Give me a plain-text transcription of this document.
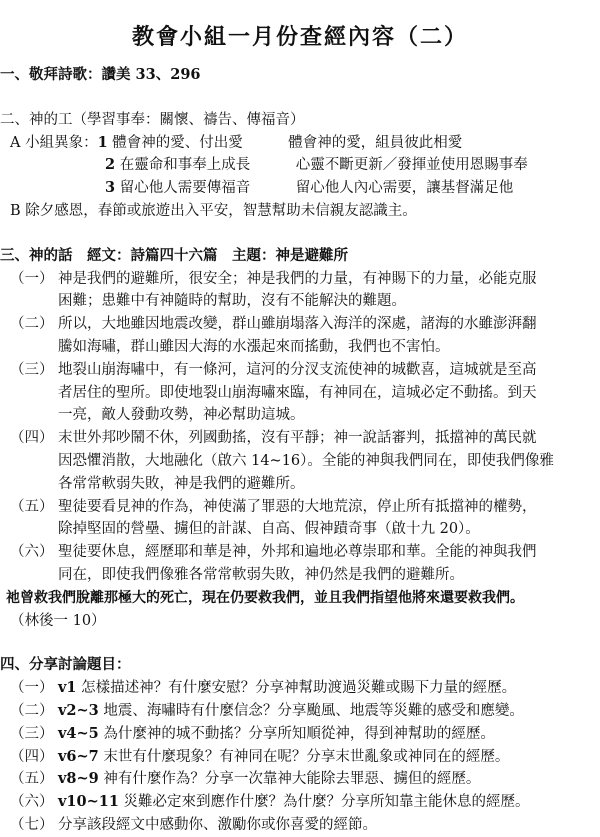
教會小組一月份查經內容（二）
一、敬拜詩歌：讚美 33、296
二、神的工（學習事奉：關懷、禱告、傳福音）
A 小組異象：1 體會神的愛、付出愛	體會神的愛，組員彼此相愛
2 在靈命和事奉上成長	心靈不斷更新／發揮並使用恩賜事奉
3 留心他人需要傳福音	留心他人內心需要，讓基督滿足他
B 除夕感恩，春節或旅遊出入平安，智慧幫助未信親友認識主。
三、神的話　經文：詩篇四十六篇　主題：神是避難所
（一） 神是我們的避難所，很安全；神是我們的力量，有神賜下的力量，必能克服
困難；患難中有神隨時的幫助，沒有不能解決的難題。
（二） 所以，大地雖因地震改變，群山雖崩塌落入海洋的深處，諸海的水雖澎湃翻
騰如海嘯，群山雖因大海的水漲起來而搖動，我們也不害怕。
（三） 地裂山崩海嘯中，有一條河，這河的分汊支流使神的城歡喜，這城就是至高
者居住的聖所。即使地裂山崩海嘯來臨，有神同在，這城必定不動搖。到天
一亮，敵人發動攻勢，神必幫助這城。
（四） 末世外邦吵鬧不休，列國動搖，沒有平靜；神一說話審判，抵擋神的萬民就
因恐懼消散，大地融化（啟六 14~16）。全能的神與我們同在，即使我們像雅
各常常軟弱失敗，神是我們的避難所。
（五） 聖徒要看見神的作為，神使滿了罪惡的大地荒涼，停止所有抵擋神的權勢，
除掉堅固的營壘、擄但的計謀、自高、假神蹟奇事（啟十九 20）。
（六） 聖徒要休息，經歷耶和華是神，外邦和遍地必尊崇耶和華。全能的神與我們
同在，即使我們像雅各常常軟弱失敗，神仍然是我們的避難所。
祂曾救我們脫離那極大的死亡，現在仍要救我們，並且我們指望他將來還要救我們。
（林後一 10）
四、分享討論題目：
（一） v1 怎樣描述神？有什麼安慰？分享神幫助渡過災難或賜下力量的經歷。
（二） v2~3 地震、海嘯時有什麼信念？分享颱風、地震等災難的感受和應變。
（三） v4~5 為什麼神的城不動搖？分享所知順從神，得到神幫助的經歷。
（四） v6~7 末世有什麼現象？有神同在呢？分享末世亂象或神同在的經歷。
（五） v8~9 神有什麼作為？分享一次靠神大能除去罪惡、擄但的經歷。
（六） v10~11 災難必定來到應作什麼？為什麼？分享所知靠主能休息的經歷。
（七） 分享該段經文中感動你、激勵你或你喜愛的經節。
